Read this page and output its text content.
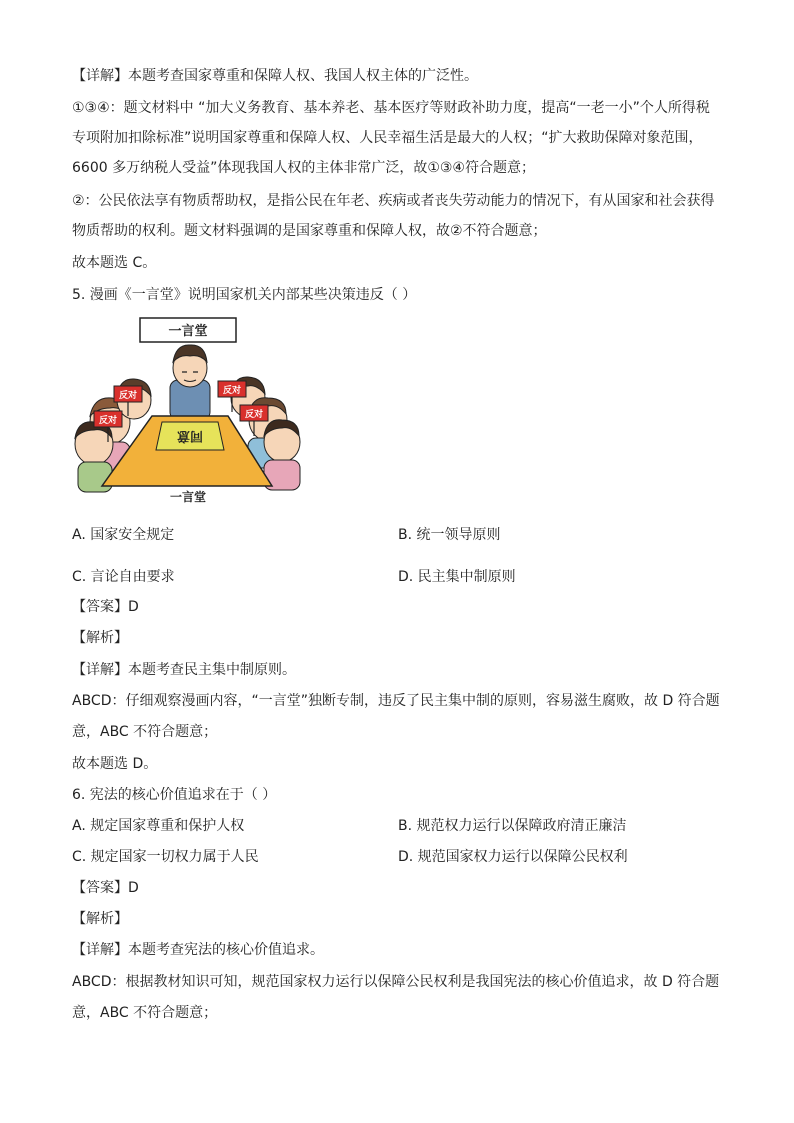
【详解】本题考查国家尊重和保障人权、我国人权主体的广泛性。
①③④：题文材料中 “加大义务教育、基本养老、基本医疗等财政补助力度，提高“一老一小”个人所得税
专项附加扣除标准”说明国家尊重和保障人权、人民幸福生活是最大的人权；“扩大救助保障对象范围，
6600 多万纳税人受益”体现我国人权的主体非常广泛，故①③④符合题意；
②：公民依法享有物质帮助权，是指公民在年老、疾病或者丧失劳动能力的情况下，有从国家和社会获得
物质帮助的权利。题文材料强调的是国家尊重和保障人权，故②不符合题意；
故本题选 C。
5. 漫画《一言堂》说明国家机关内部某些决策违反（ ）
一言堂
同意
反对
反对
反对
反对
一言堂
A. 国家安全规定	B. 统一领导原则
C. 言论自由要求	D. 民主集中制原则
【答案】D
【解析】
【详解】本题考查民主集中制原则。
ABCD：仔细观察漫画内容，“一言堂”独断专制，违反了民主集中制的原则，容易滋生腐败，故 D 符合题
意，ABC 不符合题意；
故本题选 D。
6. 宪法的核心价值追求在于（ ）
A. 规定国家尊重和保护人权	B. 规范权力运行以保障政府清正廉洁
C. 规定国家一切权力属于人民	D. 规范国家权力运行以保障公民权利
【答案】D
【解析】
【详解】本题考查宪法的核心价值追求。
ABCD：根据教材知识可知，规范国家权力运行以保障公民权利是我国宪法的核心价值追求，故 D 符合题
意，ABC 不符合题意；
